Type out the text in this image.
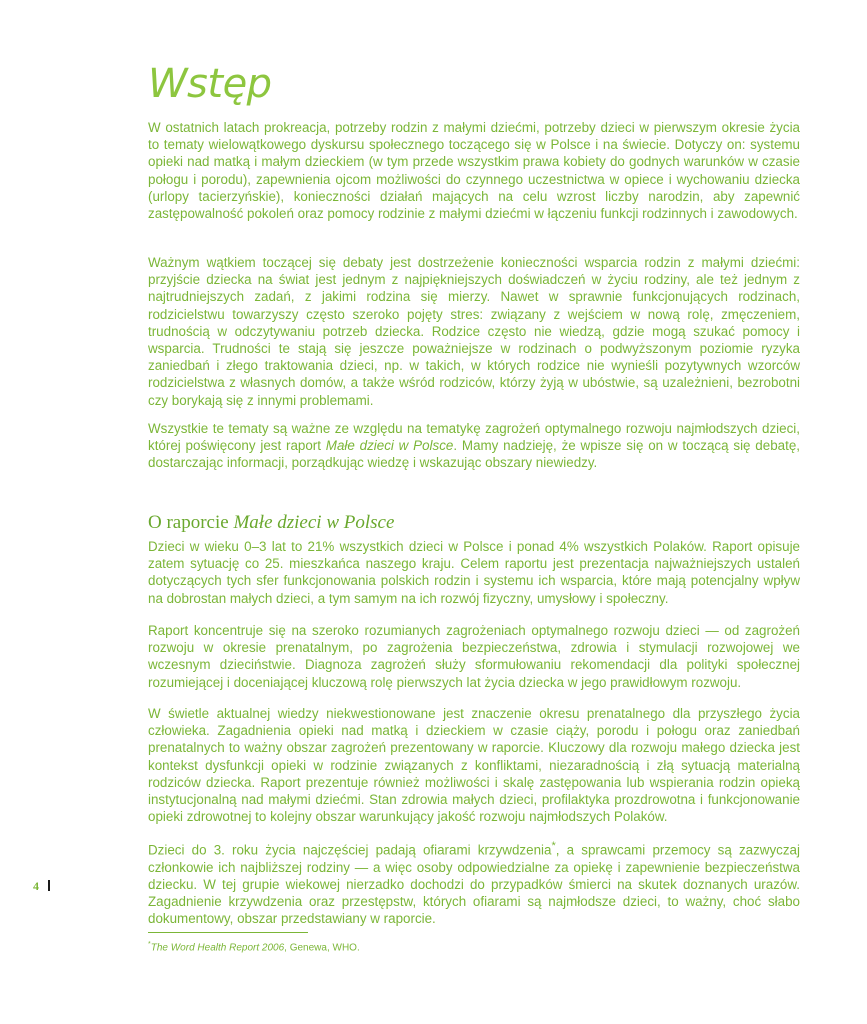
Wstęp

W ostatnich latach prokreacja, potrzeby rodzin z małymi dziećmi, potrzeby dzieci w pierwszym okresie życia to tematy wielowątkowego dyskursu społecznego toczącego się w Polsce i na świecie. Dotyczy on: systemu opieki nad matką i małym dzieckiem (w tym przede wszystkim prawa kobiety do godnych warunków w czasie połogu i porodu), zapewnienia ojcom możliwości do czynnego uczestnictwa w opiece i wychowaniu dziecka (urlopy tacierzyńskie), konieczności działań mających na celu wzrost liczby narodzin, aby zapewnić zastępowalność pokoleń oraz pomocy rodzinie z małymi dziećmi w łączeniu funkcji rodzinnych i zawodowych.

Ważnym wątkiem toczącej się debaty jest dostrzeżenie konieczności wsparcia rodzin z małymi dziećmi: przyjście dziecka na świat jest jednym z najpiękniejszych doświadczeń w życiu rodziny, ale też jednym z najtrudniejszych zadań, z jakimi rodzina się mierzy. Nawet w sprawnie funkcjonujących rodzinach, rodzicielstwu towarzyszy często szeroko pojęty stres: związany z wejściem w nową rolę, zmęczeniem, trudnością w odczytywaniu potrzeb dziecka. Rodzice często nie wiedzą, gdzie mogą szukać pomocy i wsparcia. Trudności te stają się jeszcze poważniejsze w rodzinach o podwyższonym poziomie ryzyka zaniedbań i złego traktowania dzieci, np. w takich, w których rodzice nie wynieśli pozytywnych wzorców rodzicielstwa z własnych domów, a także wśród rodziców, którzy żyją w ubóstwie, są uzależnieni, bezrobotni czy borykają się z innymi problemami.

Wszystkie te tematy są ważne ze względu na tematykę zagrożeń optymalnego rozwoju najmłodszych dzieci, której poświęcony jest raport Małe dzieci w Polsce. Mamy nadzieję, że wpisze się on w toczącą się debatę, dostarczając informacji, porządkując wiedzę i wskazując obszary niewiedzy.

O raporcie Małe dzieci w Polsce

Dzieci w wieku 0–3 lat to 21% wszystkich dzieci w Polsce i ponad 4% wszystkich Polaków. Raport opisuje zatem sytuację co 25. mieszkańca naszego kraju. Celem raportu jest prezentacja najważniejszych ustaleń dotyczących tych sfer funkcjonowania polskich rodzin i systemu ich wsparcia, które mają potencjalny wpływ na dobrostan małych dzieci, a tym samym na ich rozwój fizyczny, umysłowy i społeczny.

Raport koncentruje się na szeroko rozumianych zagrożeniach optymalnego rozwoju dzieci — od zagrożeń rozwoju w okresie prenatalnym, po zagrożenia bezpieczeństwa, zdrowia i stymulacji rozwojowej we wczesnym dzieciństwie. Diagnoza zagrożeń służy sformułowaniu rekomendacji dla polityki społecznej rozumiejącej i doceniającej kluczową rolę pierwszych lat życia dziecka w jego prawidłowym rozwoju.

W świetle aktualnej wiedzy niekwestionowane jest znaczenie okresu prenatalnego dla przyszłego życia człowieka. Zagadnienia opieki nad matką i dzieckiem w czasie ciąży, porodu i połogu oraz zaniedbań prenatalnych to ważny obszar zagrożeń prezentowany w raporcie. Kluczowy dla rozwoju małego dziecka jest kontekst dysfunkcji opieki w rodzinie związanych z konfliktami, niezaradnością i złą sytuacją materialną rodziców dziecka. Raport prezentuje również możliwości i skalę zastępowania lub wspierania rodzin opieką instytucjonalną nad małymi dziećmi. Stan zdrowia małych dzieci, profilaktyka prozdrowotna i funkcjonowanie opieki zdrowotnej to kolejny obszar warunkujący jakość rozwoju najmłodszych Polaków.

Dzieci do 3. roku życia najczęściej padają ofiarami krzywdzenia*, a sprawcami przemocy są zazwyczaj członkowie ich najbliższej rodziny — a więc osoby odpowiedzialne za opiekę i zapewnienie bezpieczeństwa dziecku. W tej grupie wiekowej nierzadko dochodzi do przypadków śmierci na skutek doznanych urazów. Zagadnienie krzywdzenia oraz przestępstw, których ofiarami są najmłodsze dzieci, to ważny, choć słabo dokumentowy, obszar przedstawiany w raporcie.

4
*The Word Health Report 2006, Genewa, WHO.
